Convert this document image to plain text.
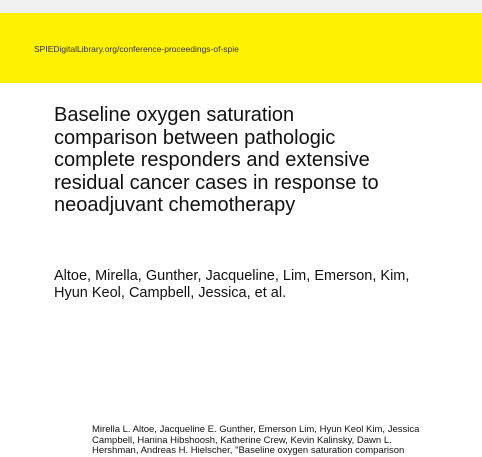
SPIEDigitalLibrary.org/conference-proceedings-of-spie
Baseline oxygen saturation
comparison between pathologic
complete responders and extensive
residual cancer cases in response to
neoadjuvant chemotherapy
Altoe, Mirella, Gunther, Jacqueline, Lim, Emerson, Kim,
Hyun Keol, Campbell, Jessica, et al.
Mirella L. Altoe, Jacqueline E. Gunther, Emerson Lim, Hyun Keol Kim, Jessica
Campbell, Hanina Hibshoosh, Katherine Crew, Kevin Kalinsky, Dawn L.
Hershman, Andreas H. Hielscher, "Baseline oxygen saturation comparison
